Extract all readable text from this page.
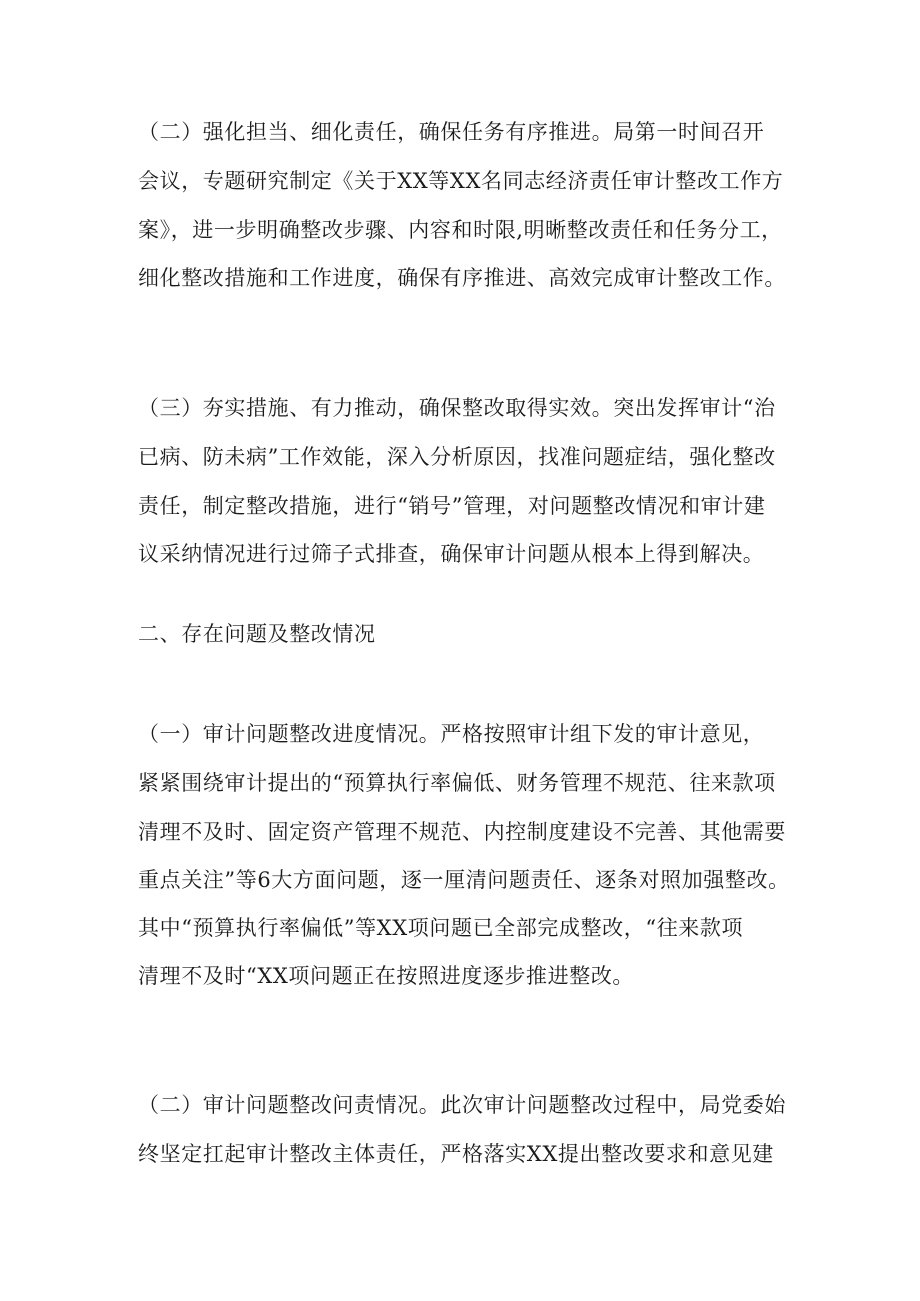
（二）强化担当、细化责任，确保任务有序推进。局第一时间召开
会议，专题研究制定《关于XX等XX名同志经济责任审计整改工作方
案》，进一步明确整改步骤、内容和时限,明晰整改责任和任务分工，
细化整改措施和工作进度，确保有序推进、高效完成审计整改工作。
（三）夯实措施、有力推动，确保整改取得实效。突出发挥审计“治
已病、防未病”工作效能，深入分析原因，找准问题症结，强化整改
责任，制定整改措施，进行“销号”管理，对问题整改情况和审计建
议采纳情况进行过筛子式排查，确保审计问题从根本上得到解决。
二、存在问题及整改情况
（一）审计问题整改进度情况。严格按照审计组下发的审计意见，
紧紧围绕审计提出的“预算执行率偏低、财务管理不规范、往来款项
清理不及时、固定资产管理不规范、内控制度建设不完善、其他需要
重点关注”等6大方面问题，逐一厘清问题责任、逐条对照加强整改。
其中“预算执行率偏低”等XX项问题已全部完成整改，“往来款项
清理不及时“XX项问题正在按照进度逐步推进整改。
（二）审计问题整改问责情况。此次审计问题整改过程中，局党委始
终坚定扛起审计整改主体责任，严格落实XX提出整改要求和意见建
